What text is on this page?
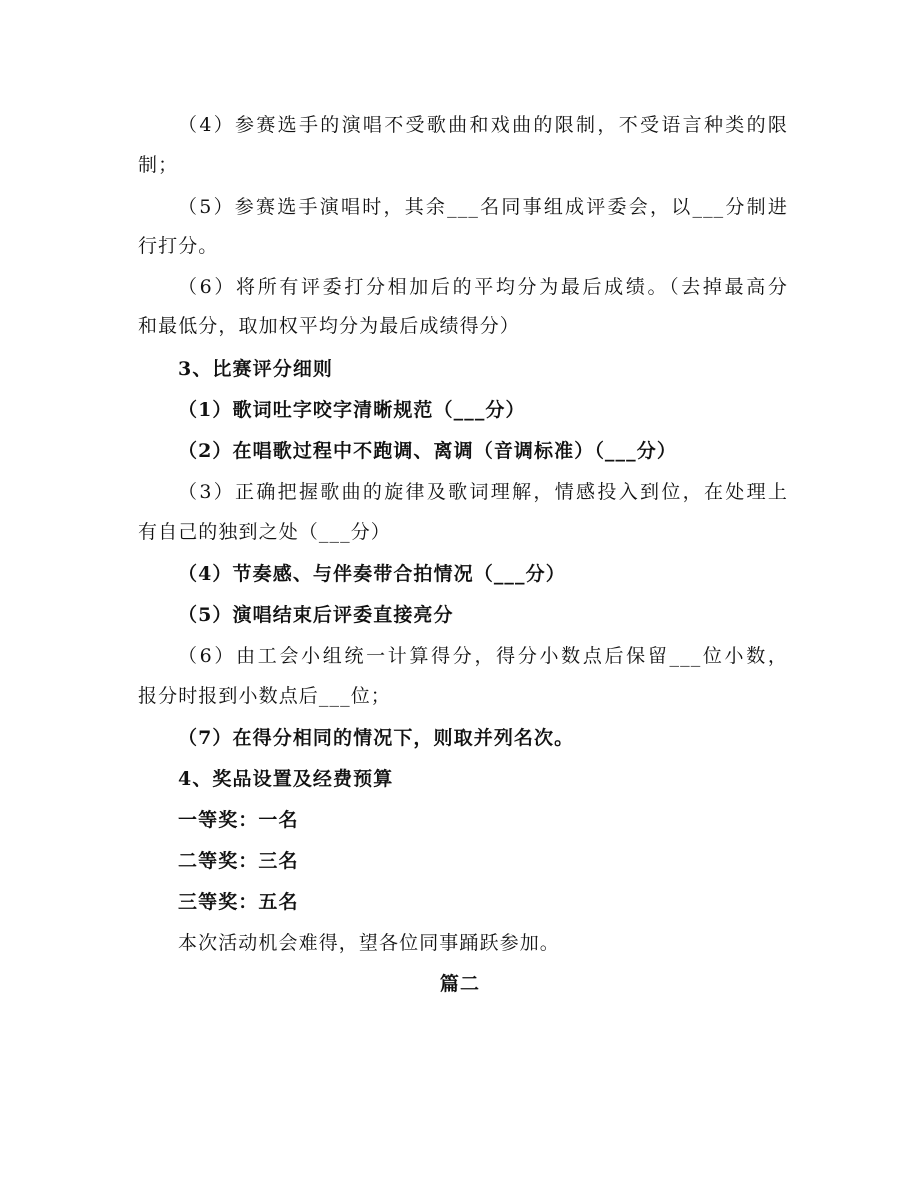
（4）参赛选手的演唱不受歌曲和戏曲的限制，不受语言种类的限
制；
（5）参赛选手演唱时，其余___名同事组成评委会，以___分制进
行打分。
（6）将所有评委打分相加后的平均分为最后成绩。（去掉最高分
和最低分，取加权平均分为最后成绩得分）
3、比赛评分细则
（1）歌词吐字咬字清晰规范（___分）
（2）在唱歌过程中不跑调、离调（音调标准）（___分）
（3）正确把握歌曲的旋律及歌词理解，情感投入到位，在处理上
有自己的独到之处（___分）
（4）节奏感、与伴奏带合拍情况（___分）
（5）演唱结束后评委直接亮分
（6）由工会小组统一计算得分，得分小数点后保留___位小数，
报分时报到小数点后___位；
（7）在得分相同的情况下，则取并列名次。
4、奖品设置及经费预算
一等奖：一名
二等奖：三名
三等奖：五名
本次活动机会难得，望各位同事踊跃参加。
篇二
